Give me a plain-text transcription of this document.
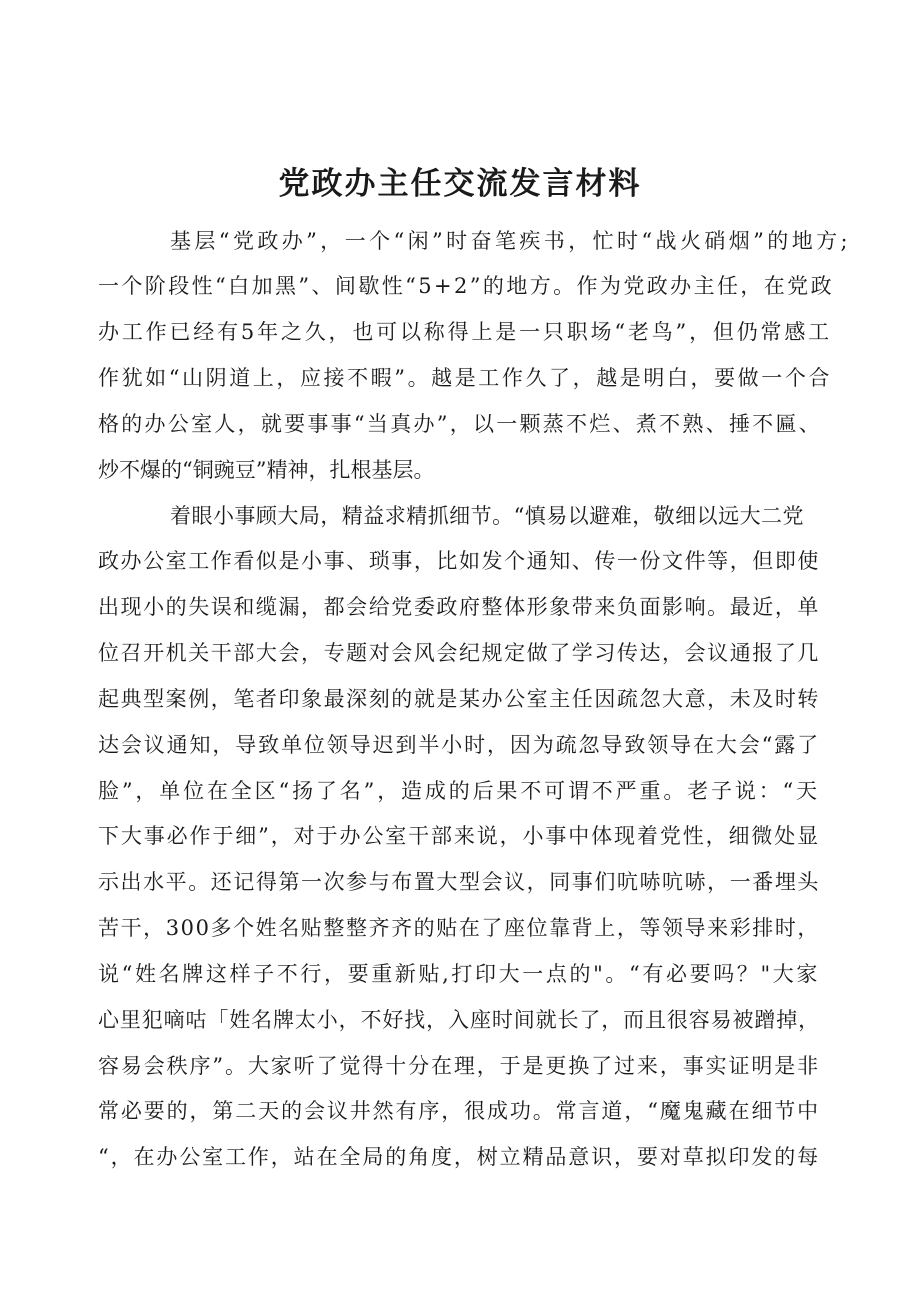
党政办主任交流发言材料
基层“党政办”，一个“闲”时奋笔疾书，忙时“战火硝烟”的地方;
一个阶段性“白加黑”、间歇性“5+2”的地方。作为党政办主任，在党政
办工作已经有5年之久，也可以称得上是一只职场“老鸟”，但仍常感工
作犹如“山阴道上，应接不暇”。越是工作久了，越是明白，要做一个合
格的办公室人，就要事事“当真办”，以一颗蒸不烂、煮不熟、捶不匾、
炒不爆的“铜豌豆”精神，扎根基层。
着眼小事顾大局，精益求精抓细节。“慎易以避难，敬细以远大二党
政办公室工作看似是小事、琐事，比如发个通知、传一份文件等，但即使
出现小的失误和缆漏，都会给党委政府整体形象带来负面影响。最近，单
位召开机关干部大会，专题对会风会纪规定做了学习传达，会议通报了几
起典型案例，笔者印象最深刻的就是某办公室主任因疏忽大意，未及时转
达会议通知，导致单位领导迟到半小时，因为疏忽导致领导在大会“露了
脸”，单位在全区“扬了名”，造成的后果不可谓不严重。老子说：“天
下大事必作于细”，对于办公室干部来说，小事中体现着党性，细微处显
示出水平。还记得第一次参与布置大型会议，同事们吭哧吭哧，一番埋头
苦干，300多个姓名贴整整齐齐的贴在了座位靠背上，等领导来彩排时，
说“姓名牌这样子不行，要重新贴,打印大一点的"。“有必要吗？"大家
心里犯嘀咕「姓名牌太小，不好找，入座时间就长了，而且很容易被蹭掉，
容易会秩序”。大家听了觉得十分在理，于是更换了过来，事实证明是非
常必要的，第二天的会议井然有序，很成功。常言道，“魔鬼藏在细节中
“，在办公室工作，站在全局的角度，树立精品意识，要对草拟印发的每
